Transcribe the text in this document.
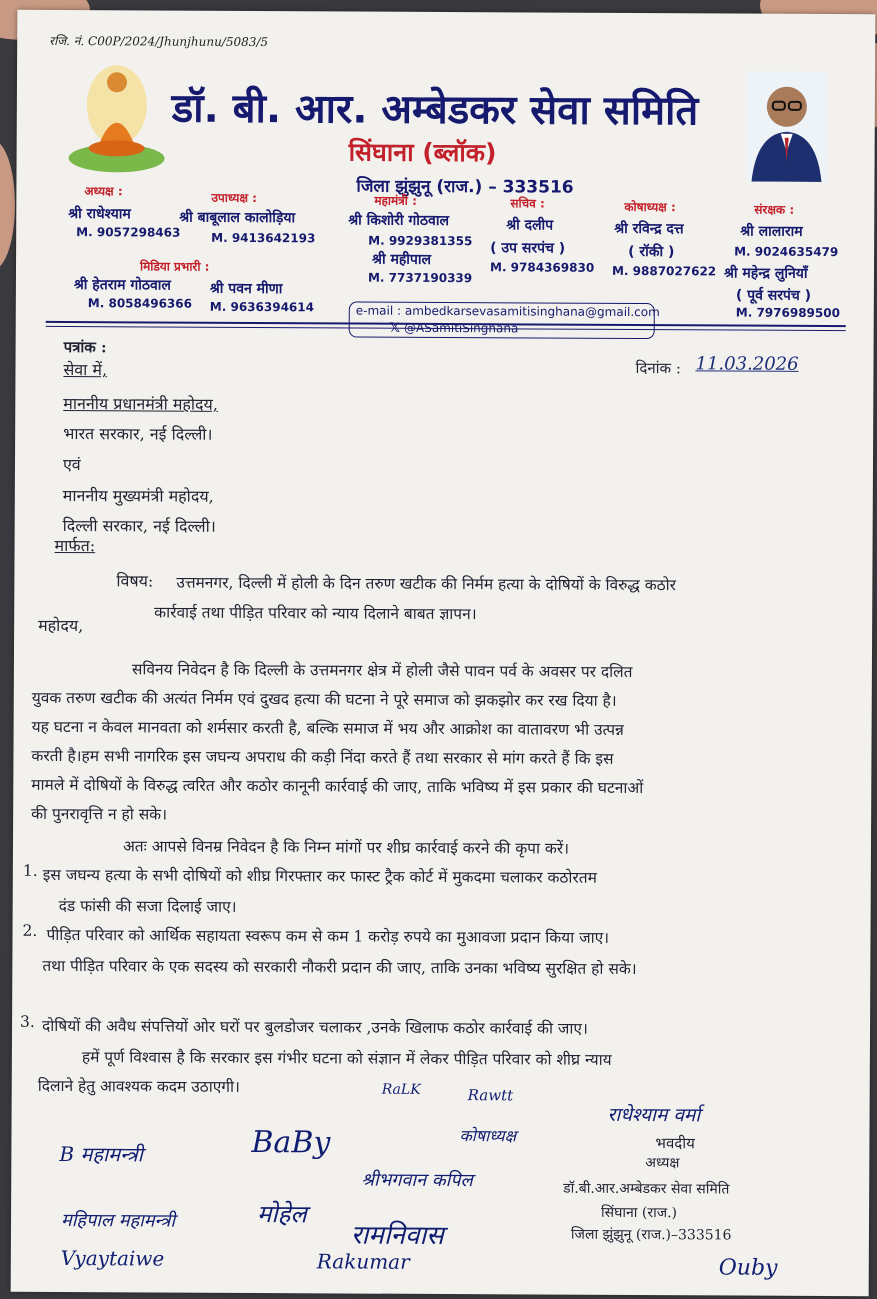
रजि. नं. C00P/2024/Jhunjhunu/5083/5
डॉ. बी. आर. अम्बेडकर सेवा समिति
सिंघाना (ब्लॉक)
जिला झुंझुनू (राज.) – 333516
अध्यक्ष :
श्री राधेश्याम
M. 9057298463
उपाध्यक्ष :
श्री बाबूलाल कालोड़िया
M. 9413642193
महामंत्री :
श्री किशोरी गोठवाल
M. 9929381355
श्री महीपाल
M. 7737190339
सचिव :
श्री दलीप
( उप सरपंच )
M. 9784369830
कोषाध्यक्ष :
श्री रविन्द्र दत्त
( रॉकी )
M. 9887027622
संरक्षक :
श्री लालाराम
M. 9024635479
श्री महेन्द्र लुनियाँ
( पूर्व सरपंच )
M. 7976989500
मिडिया प्रभारी :
श्री हेतराम गोठवाल
M. 8058496366
श्री पवन मीणा
M. 9636394614	e-mail : ambedkarsevasamitisinghana@gmail.com
पत्रांक :
दिनांक : 11.03.2026
सेवा में,
माननीय प्रधानमंत्री महोदय,
भारत सरकार, नई दिल्ली।
एवं
माननीय मुख्यमंत्री महोदय,
दिल्ली सरकार, नई दिल्ली।
मार्फत:
विषय: उत्तमनगर, दिल्ली में होली के दिन तरुण खटीक की निर्मम हत्या के दोषियों के विरुद्ध कठोर
कार्रवाई तथा पीड़ित परिवार को न्याय दिलाने बाबत ज्ञापन।
महोदय,
सविनय निवेदन है कि दिल्ली के उत्तमनगर क्षेत्र में होली जैसे पावन पर्व के अवसर पर दलित
युवक तरुण खटीक की अत्यंत निर्मम एवं दुखद हत्या की घटना ने पूरे समाज को झकझोर कर रख दिया है।
यह घटना न केवल मानवता को शर्मसार करती है, बल्कि समाज में भय और आक्रोश का वातावरण भी उत्पन्न
करती है।हम सभी नागरिक इस जघन्य अपराध की कड़ी निंदा करते हैं तथा सरकार से मांग करते हैं कि इस
मामले में दोषियों के विरुद्ध त्वरित और कठोर कानूनी कार्रवाई की जाए, ताकि भविष्य में इस प्रकार की घटनाओं
की पुनरावृत्ति न हो सके।
अतः आपसे विनम्र निवेदन है कि निम्न मांगों पर शीघ्र कार्रवाई करने की कृपा करें।
1. इस जघन्य हत्या के सभी दोषियों को शीघ्र गिरफ्तार कर फास्ट ट्रैक कोर्ट में मुकदमा चलाकर कठोरतम
दंड फांसी की सजा दिलाई जाए।
2. पीड़ित परिवार को आर्थिक सहायता स्वरूप कम से कम 1 करोड़ रुपये का मुआवजा प्रदान किया जाए।
तथा पीड़ित परिवार के एक सदस्य को सरकारी नौकरी प्रदान की जाए, ताकि उनका भविष्य सुरक्षित हो सके।
3. दोषियों की अवैध संपत्तियों ओर घरों पर बुलडोजर चलाकर ,उनके खिलाफ कठोर कार्रवाई की जाए।
हमें पूर्ण विश्वास है कि सरकार इस गंभीर घटना को संज्ञान में लेकर पीड़ित परिवार को शीघ्र न्याय
दिलाने हेतु आवश्यक कदम उठाएगी।
भवदीय
अध्यक्ष
डॉ.बी.आर.अम्बेडकर सेवा समिति
सिंघाना (राज.)
जिला झुंझुनू (राज.)–333516
राधेश्याम वर्मा
कोषाध्यक्ष
Rawtt
RaLK
B महामन्त्री	BaBy
श्रीभगवान कपिल
महिपाल महामन्त्री	मोहेल
रामनिवास
Rakumar
Vyaytaiwe	Ouby
